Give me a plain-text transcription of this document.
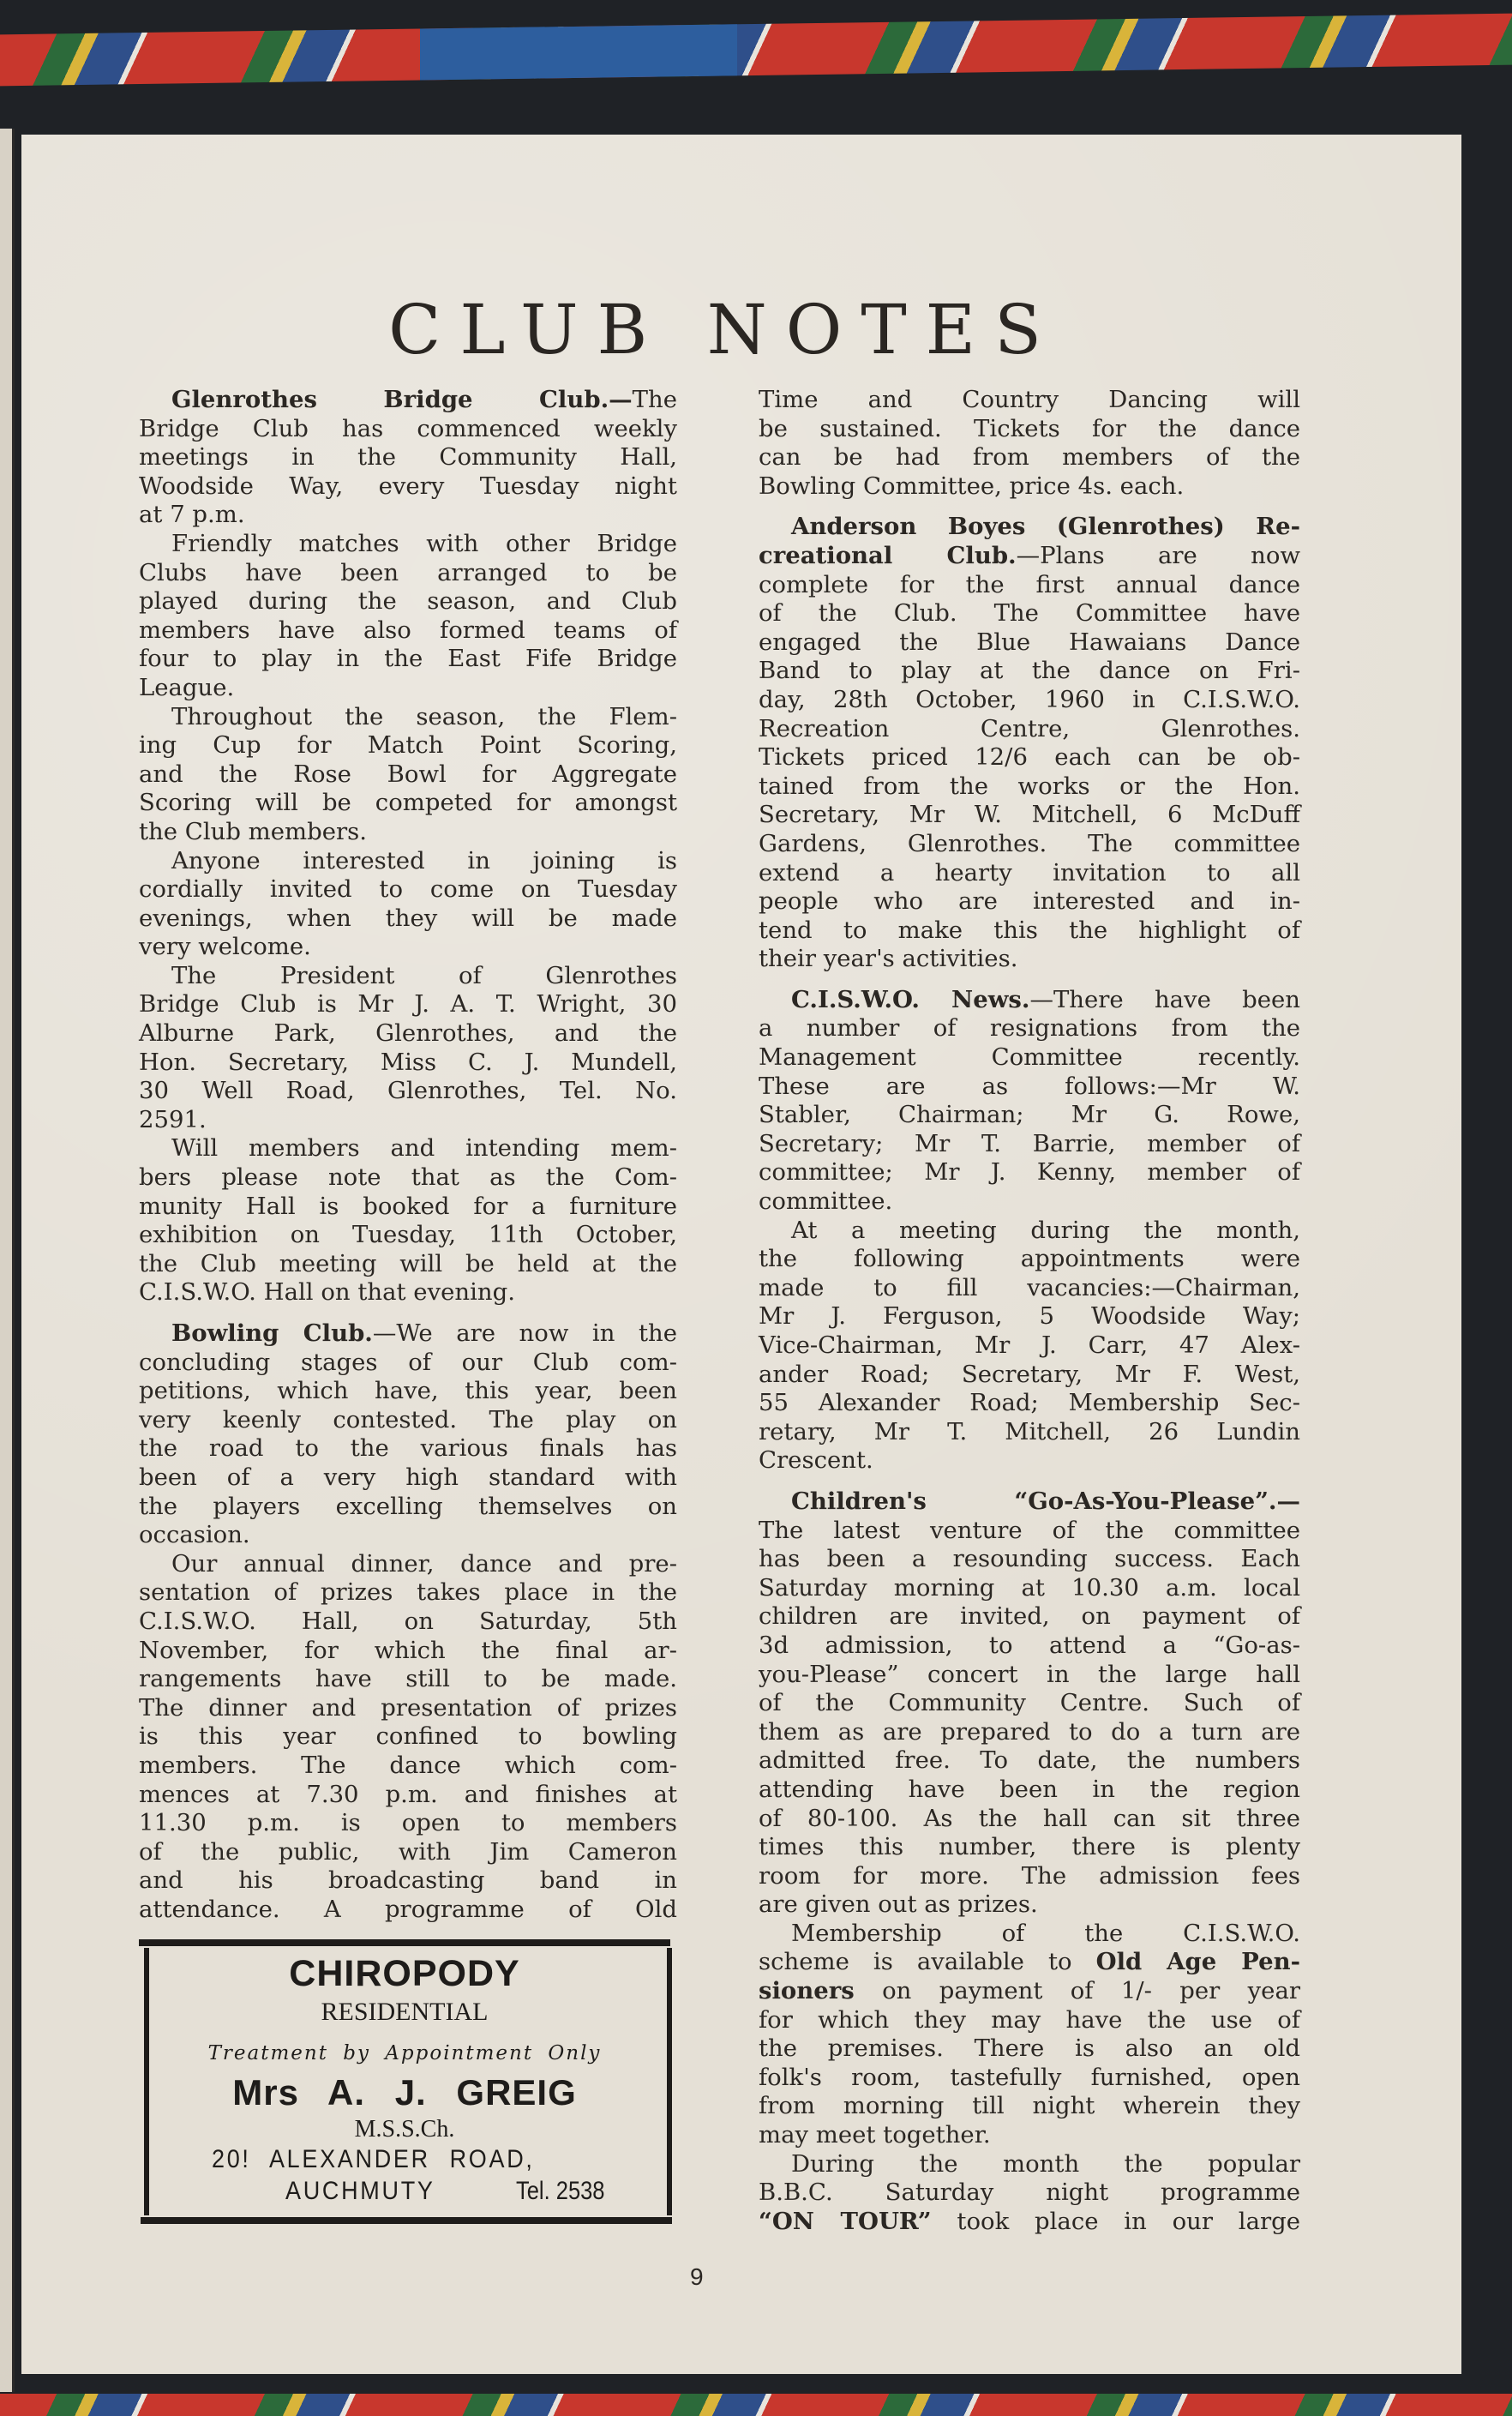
CLUB NOTES
Glenrothes Bridge Club.—The
Bridge Club has commenced weekly
meetings in the Community Hall,
Woodside Way, every Tuesday night
at 7 p.m.
Friendly matches with other Bridge
Clubs have been arranged to be
played during the season, and Club
members have also formed teams of
four to play in the East Fife Bridge
League.
Throughout the season, the Flem-
ing Cup for Match Point Scoring,
and the Rose Bowl for Aggregate
Scoring will be competed for amongst
the Club members.
Anyone interested in joining is
cordially invited to come on Tuesday
evenings, when they will be made
very welcome.
The President of Glenrothes
Bridge Club is Mr J. A. T. Wright, 30
Alburne Park, Glenrothes, and the
Hon. Secretary, Miss C. J. Mundell,
30 Well Road, Glenrothes, Tel. No.
2591.
Will members and intending mem-
bers please note that as the Com-
munity Hall is booked for a furniture
exhibition on Tuesday, 11th October,
the Club meeting will be held at the
C.I.S.W.O. Hall on that evening.
Bowling Club.—We are now in the
concluding stages of our Club com-
petitions, which have, this year, been
very keenly contested. The play on
the road to the various finals has
been of a very high standard with
the players excelling themselves on
occasion.
Our annual dinner, dance and pre-
sentation of prizes takes place in the
C.I.S.W.O. Hall, on Saturday, 5th
November, for which the final ar-
rangements have still to be made.
The dinner and presentation of prizes
is this year confined to bowling
members. The dance which com-
mences at 7.30 p.m. and finishes at
11.30 p.m. is open to members
of the public, with Jim Cameron
and his broadcasting band in
attendance. A programme of Old
Time and Country Dancing will
be sustained. Tickets for the dance
can be had from members of the
Bowling Committee, price 4s. each.
Anderson Boyes (Glenrothes) Re-
creational Club.—Plans are now
complete for the first annual dance
of the Club. The Committee have
engaged the Blue Hawaians Dance
Band to play at the dance on Fri-
day, 28th October, 1960 in C.I.S.W.O.
Recreation Centre, Glenrothes.
Tickets priced 12/6 each can be ob-
tained from the works or the Hon.
Secretary, Mr W. Mitchell, 6 McDuff
Gardens, Glenrothes. The committee
extend a hearty invitation to all
people who are interested and in-
tend to make this the highlight of
their year's activities.
C.I.S.W.O. News.—There have been
a number of resignations from the
Management Committee recently.
These are as follows:—Mr W.
Stabler, Chairman; Mr G. Rowe,
Secretary; Mr T. Barrie, member of
committee; Mr J. Kenny, member of
committee.
At a meeting during the month,
the following appointments were
made to fill vacancies:—Chairman,
Mr J. Ferguson, 5 Woodside Way;
Vice-Chairman, Mr J. Carr, 47 Alex-
ander Road; Secretary, Mr F. West,
55 Alexander Road; Membership Sec-
retary, Mr T. Mitchell, 26 Lundin
Crescent.
Children's “Go-As-You-Please”.—
The latest venture of the committee
has been a resounding success. Each
Saturday morning at 10.30 a.m. local
children are invited, on payment of
3d admission, to attend a “Go-as-
you-Please” concert in the large hall
of the Community Centre. Such of
them as are prepared to do a turn are
admitted free. To date, the numbers
attending have been in the region
of 80-100. As the hall can sit three
times this number, there is plenty
room for more. The admission fees
are given out as prizes.
Membership of the C.I.S.W.O.
scheme is available to Old Age Pen-
sioners on payment of 1/- per year
for which they may have the use of
the premises. There is also an old
folk's room, tastefully furnished, open
from morning till night wherein they
may meet together.
During the month the popular
B.B.C. Saturday night programme
“ON TOUR” took place in our large
CHIROPODY
RESIDENTIAL
Treatment by Appointment Only
Mrs A. J. GREIG
M.S.S.Ch.
20! ALEXANDER ROAD,
AUCHMUTY	Tel. 2538
9
